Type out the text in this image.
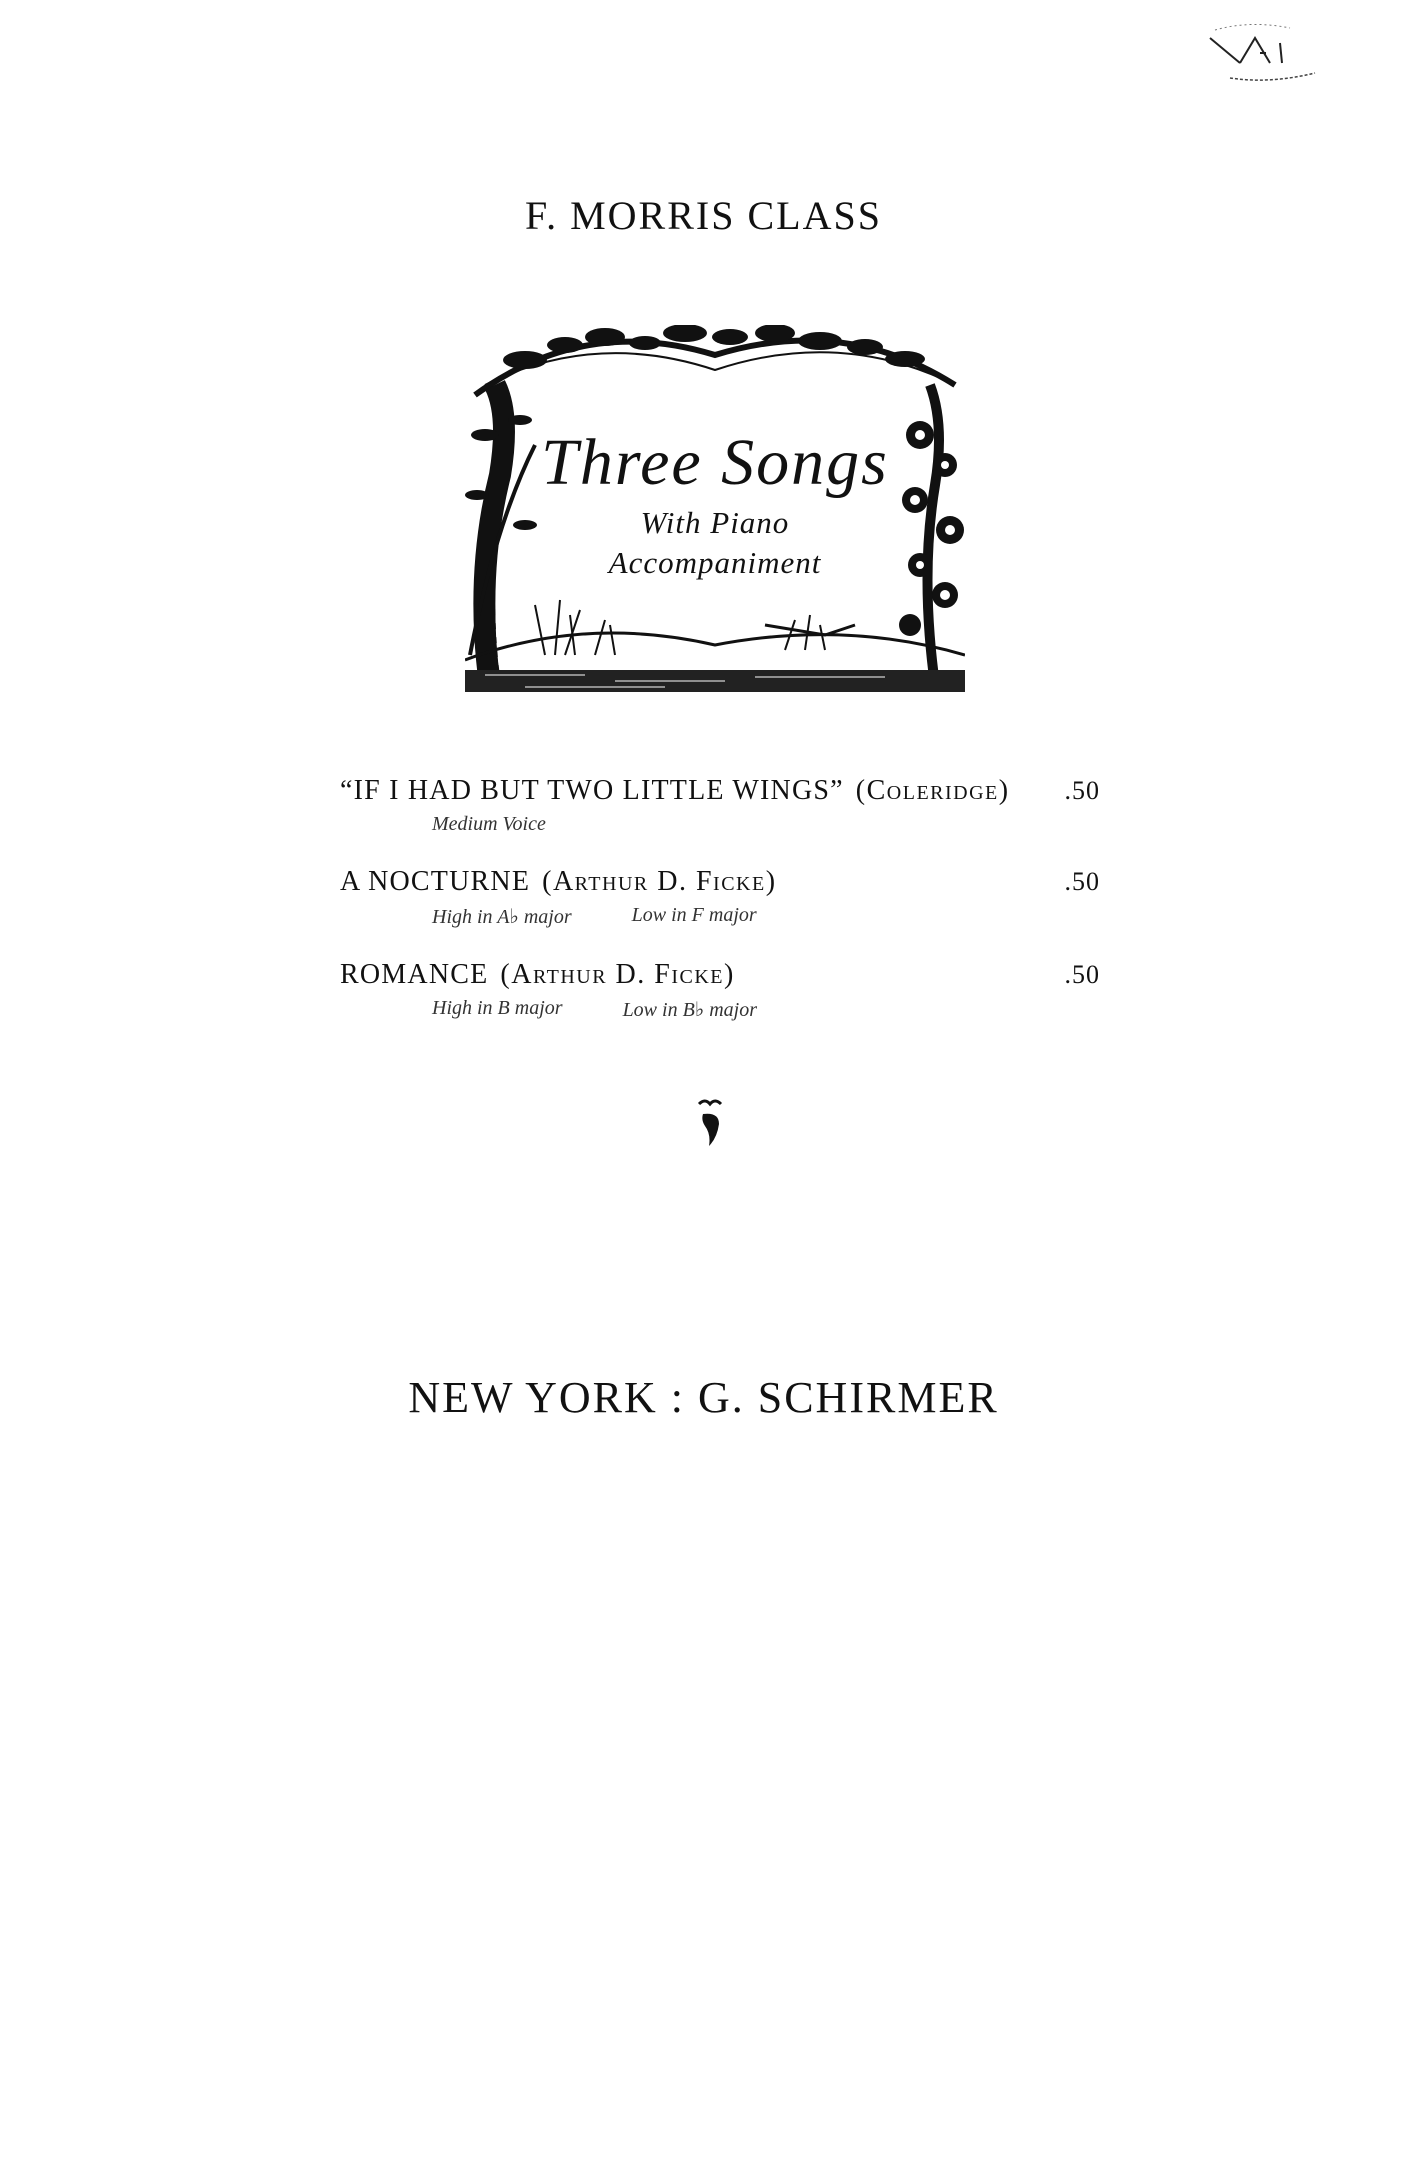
F. MORRIS CLASS
Three Songs
With Piano
Accompaniment
“IF I HAD BUT TWO LITTLE WINGS” (Coleridge) .50
Medium Voice
A NOCTURNE (Arthur D. Ficke)	.50
High in A♭ major	Low in F major
ROMANCE (Arthur D. Ficke)	.50
High in B major	Low in B♭ major
NEW YORK : G. SCHIRMER
